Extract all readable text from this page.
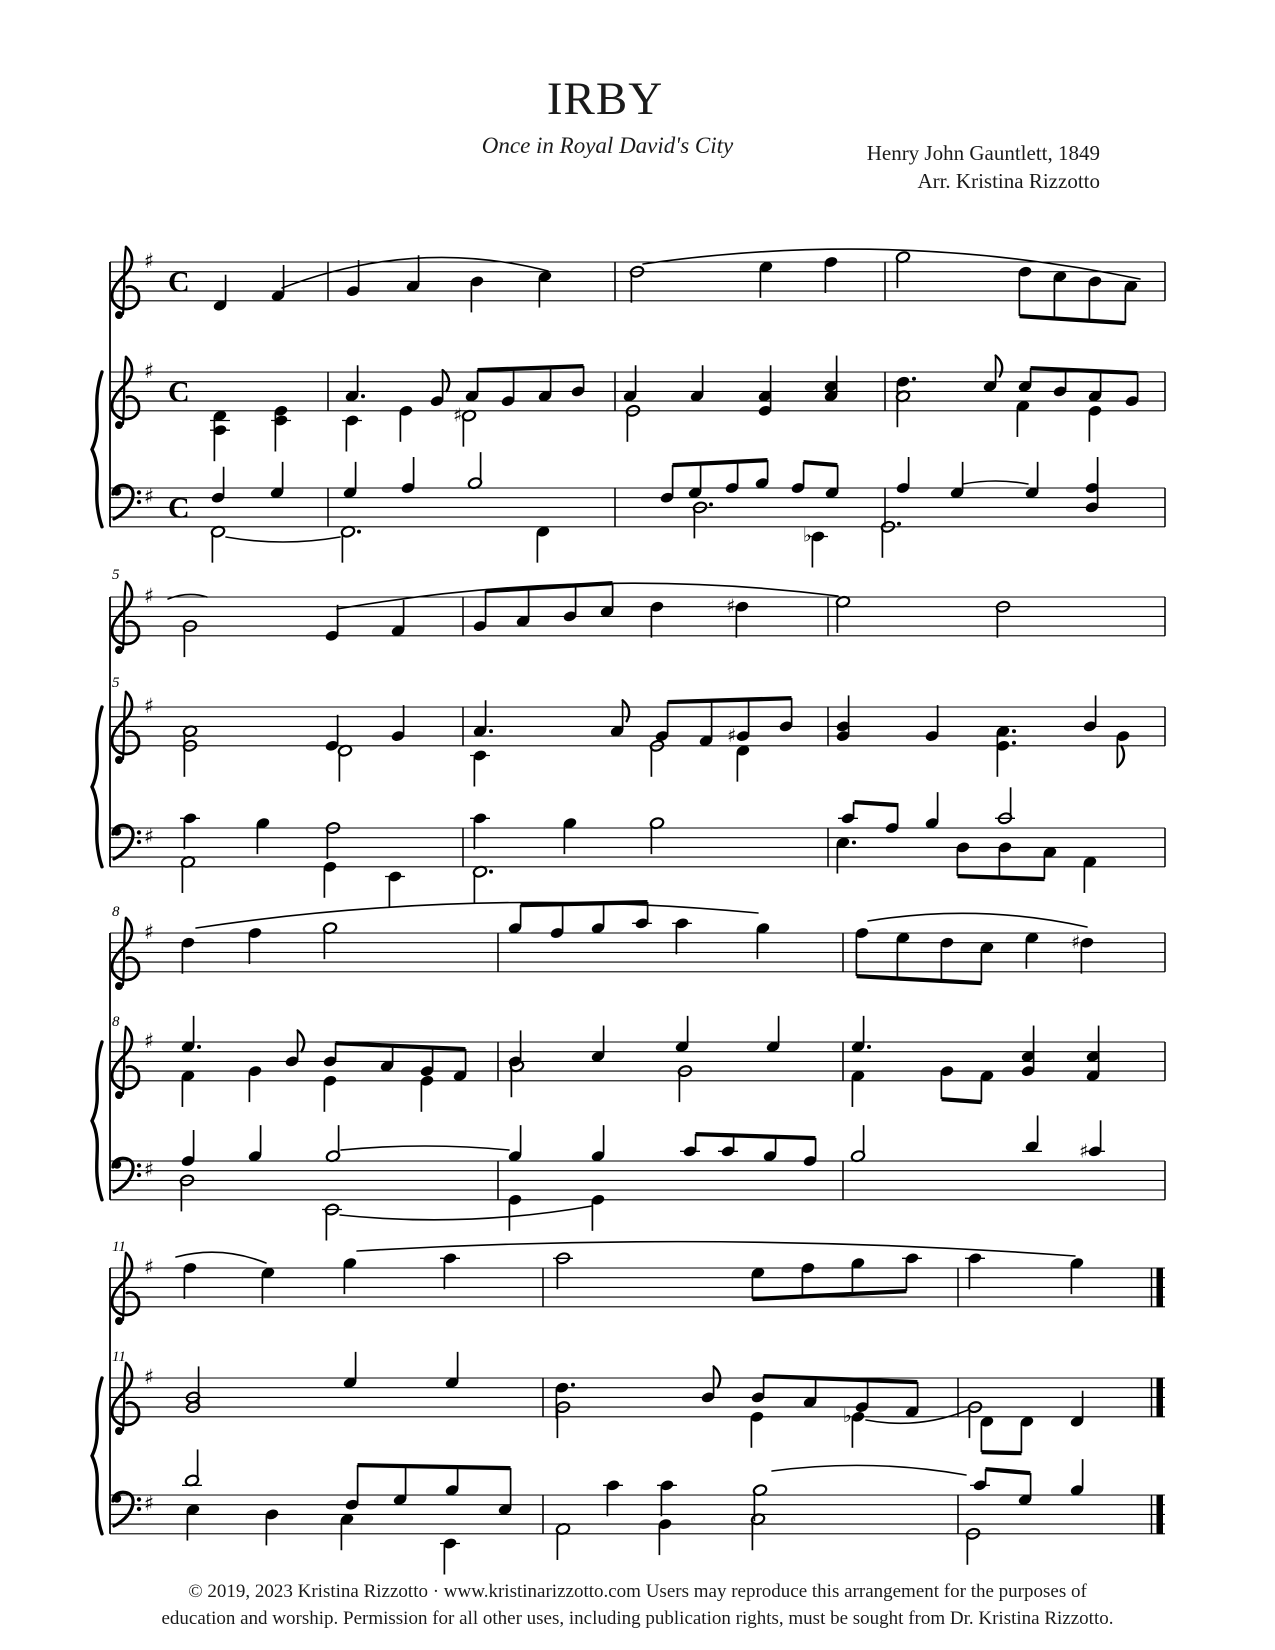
IRBY
Once in Royal David's City	Henry John Gauntlett, 1849
Arr. Kristina Rizzotto
♯
C
♯
C
♯
♯ C
♭
5
5
♯	♯
♯
♯
♯
8
8
♯	♯
♯
♯
♯
11
11
♯
♯
♭
♯
© 2019, 2023 Kristina Rizzotto · www.kristinarizzotto.com Users may reproduce this arrangement for the purposes of
education and worship. Permission for all other uses, including publication rights, must be sought from Dr. Kristina Rizzotto.
